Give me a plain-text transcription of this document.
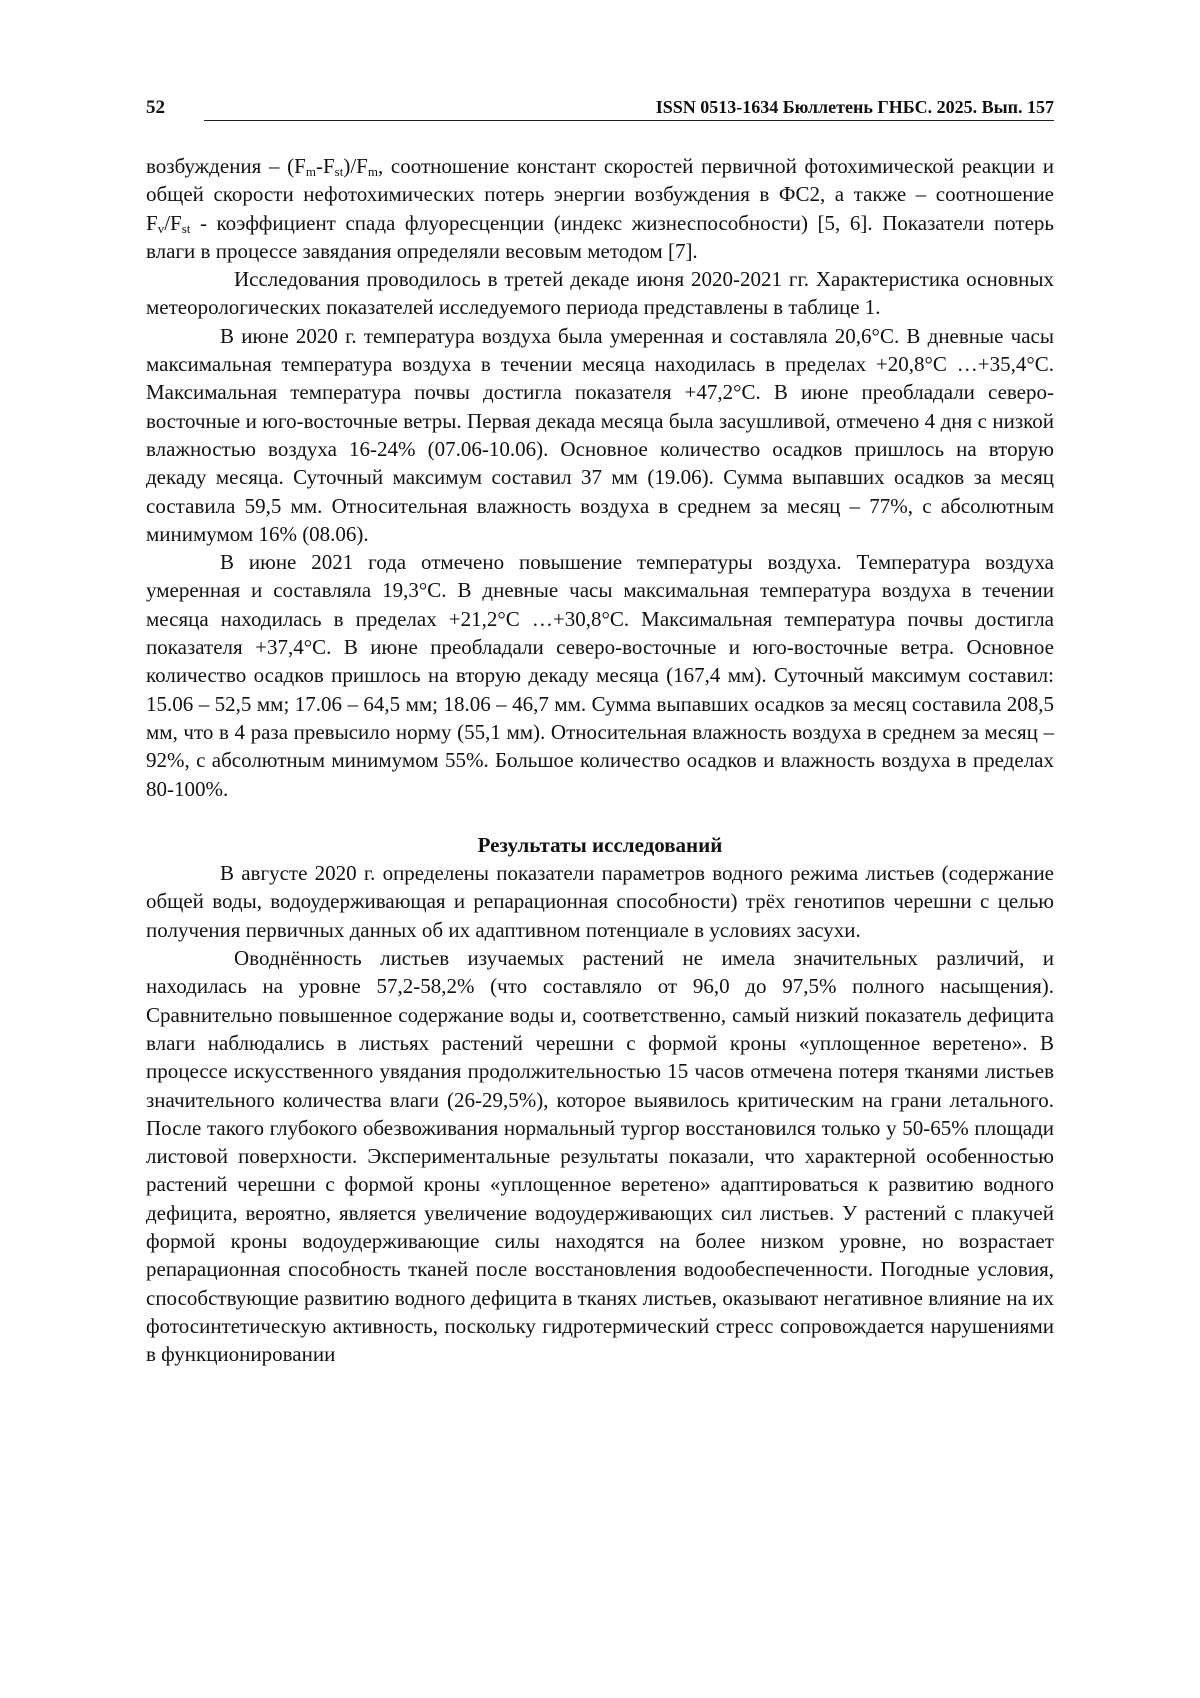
52	ISSN 0513-1634 Бюллетень ГНБС. 2025. Вып. 157

возбуждения – $(F_m-F_{st})/F_m$, соотношение констант скоростей первичной фотохимической реакции и общей скорости нефотохимических потерь энергии возбуждения в ФС2, а также – соотношение $F_v/F_{st}$ - коэффициент спада флуоресценции (индекс жизнеспособности) [5, 6]. Показатели потерь влаги в процессе завядания определяли весовым методом [7].

Исследования проводилось в третей декаде июня 2020-2021 гг. Характеристика основных метеорологических показателей исследуемого периода представлены в таблице 1.

В июне 2020 г. температура воздуха была умеренная и составляла 20,6°С. В дневные часы максимальная температура воздуха в течении месяца находилась в пределах +20,8°С …+35,4°С. Максимальная температура почвы достигла показателя +47,2°С. В июне преобладали северо-восточные и юго-восточные ветры. Первая декада месяца была засушливой, отмечено 4 дня с низкой влажностью воздуха 16-24% (07.06-10.06). Основное количество осадков пришлось на вторую декаду месяца. Суточный максимум составил 37 мм (19.06). Сумма выпавших осадков за месяц составила 59,5 мм. Относительная влажность воздуха в среднем за месяц – 77%, с абсолютным минимумом 16% (08.06).

В июне 2021 года отмечено повышение температуры воздуха. Температура воздуха умеренная и составляла 19,3°С. В дневные часы максимальная температура воздуха в течении месяца находилась в пределах +21,2°С …+30,8°С. Максимальная температура почвы достигла показателя +37,4°С. В июне преобладали северо-восточные и юго-восточные ветра. Основное количество осадков пришлось на вторую декаду месяца (167,4 мм). Суточный максимум составил: 15.06 – 52,5 мм; 17.06 – 64,5 мм; 18.06 – 46,7 мм. Сумма выпавших осадков за месяц составила 208,5 мм, что в 4 раза превысило норму (55,1 мм). Относительная влажность воздуха в среднем за месяц – 92%, с абсолютным минимумом 55%. Большое количество осадков и влажность воздуха в пределах 80-100%.

Результаты исследований

В августе 2020 г. определены показатели параметров водного режима листьев (содержание общей воды, водоудерживающая и репарационная способности) трёх генотипов черешни с целью получения первичных данных об их адаптивном потенциале в условиях засухи.

Оводнённость листьев изучаемых растений не имела значительных различий, и находилась на уровне 57,2-58,2% (что составляло от 96,0 до 97,5% полного насыщения). Сравнительно повышенное содержание воды и, соответственно, самый низкий показатель дефицита влаги наблюдались в листьях растений черешни с формой кроны «уплощенное веретено». В процессе искусственного увядания продолжительностью 15 часов отмечена потеря тканями листьев значительного количества влаги (26-29,5%), которое выявилось критическим на грани летального. После такого глубокого обезвоживания нормальный тургор восстановился только у 50-65% площади листовой поверхности. Экспериментальные результаты показали, что характерной особенностью растений черешни с формой кроны «уплощенное веретено» адаптироваться к развитию водного дефицита, вероятно, является увеличение водоудерживающих сил листьев. У растений с плакучей формой кроны водоудерживающие силы находятся на более низком уровне, но возрастает репарационная способность тканей после восстановления водообеспеченности. Погодные условия, способствующие развитию водного дефицита в тканях листьев, оказывают негативное влияние на их фотосинтетическую активность, поскольку гидротермический стресс сопровождается нарушениями в функционировании
